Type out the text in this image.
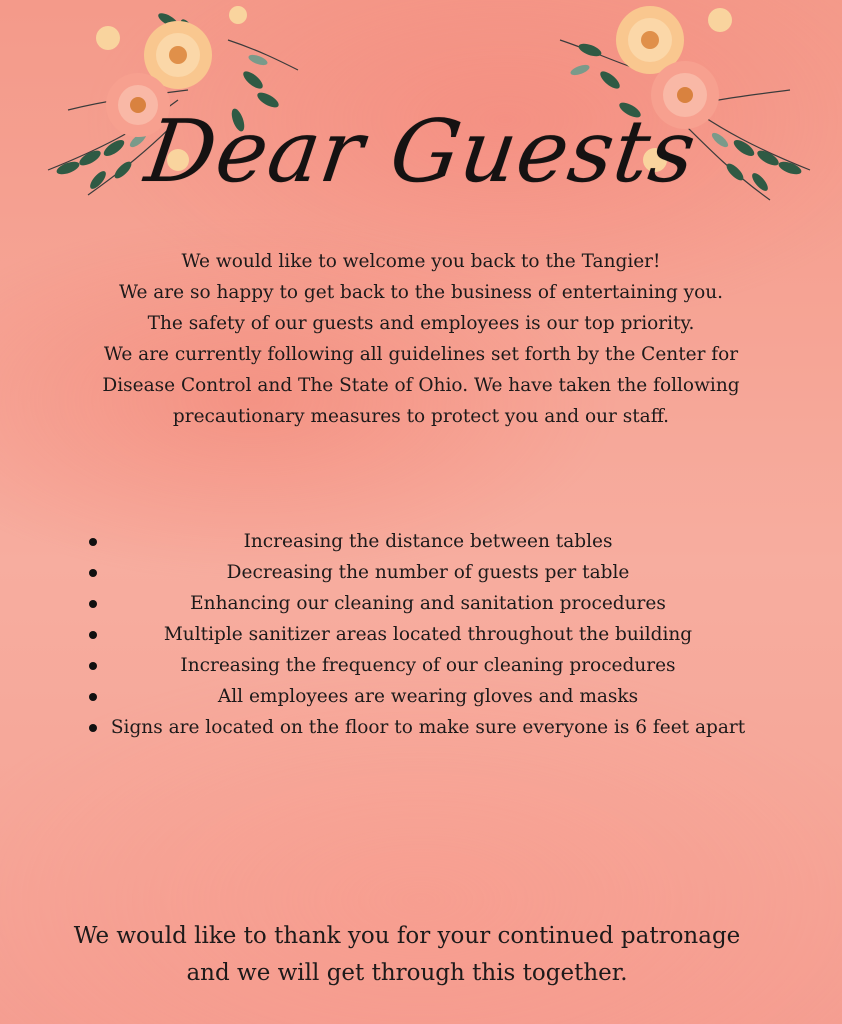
Dear Guests
We would like to welcome you back to the Tangier!
We are so happy to get back to the business of entertaining you.
The safety of our guests and employees is our top priority.
We are currently following all guidelines set forth by the Center for
Disease Control and The State of Ohio. We have taken the following
precautionary measures to protect you and our staff.
Increasing the distance between tables
Decreasing the number of guests per table
Enhancing our cleaning and sanitation procedures
Multiple sanitizer areas located throughout the building
Increasing the frequency of our cleaning procedures
All employees are wearing gloves and masks
Signs are located on the floor to make sure everyone is 6 feet apart
We would like to thank you for your continued patronage
and we will get through this together.
